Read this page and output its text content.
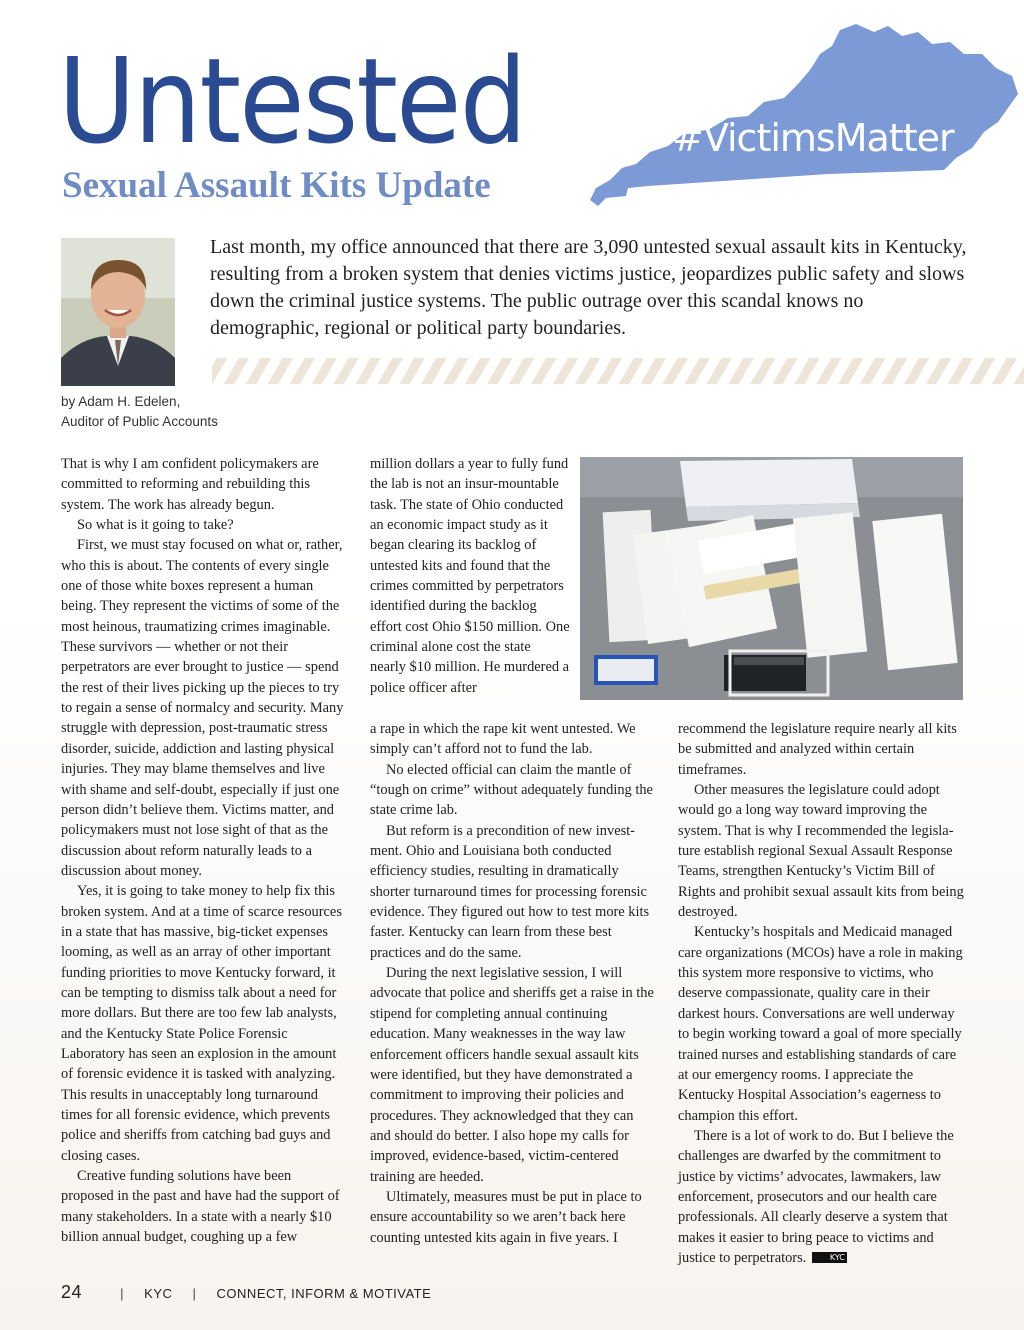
Untested
Sexual Assault Kits Update
#VictimsMatter
by Adam H. Edelen,
Auditor of Public Accounts

Last month, my office announced that there are 3,090 untested sexual assault kits in Kentucky, resulting from a broken system that denies victims justice, jeopardizes public safety and slows down the criminal justice systems. The public outrage over this scandal knows no demographic, regional or political party boundaries.

That is why I am confident policymakers are committed to reforming and rebuilding this system. The work has already begun.

So what is it going to take?

First, we must stay focused on what or, rather, who this is about. The contents of every single one of those white boxes represent a human being. They represent the victims of some of the most heinous, traumatizing crimes imaginable. These survivors — whether or not their perpetrators are ever brought to justice — spend the rest of their lives picking up the pieces to try to regain a sense of normalcy and security. Many struggle with depression, post-traumatic stress disorder, suicide, addiction and lasting physical injuries. They may blame themselves and live with shame and self-doubt, especially if just one person didn’t believe them. Victims matter, and policymakers must not lose sight of that as the discussion about reform naturally leads to a discussion about money.

Yes, it is going to take money to help fix this broken system. And at a time of scarce resources in a state that has massive, big-ticket expenses looming, as well as an array of other important funding priorities to move Kentucky forward, it can be tempting to dismiss talk about a need for more dollars. But there are too few lab analysts, and the Kentucky State Police Forensic Laboratory has seen an explosion in the amount of forensic evidence it is tasked with analyzing. This results in unacceptably long turnaround times for all forensic evidence, which prevents police and sheriffs from catching bad guys and closing cases.

Creative funding solutions have been proposed in the past and have had the support of many stakeholders. In a state with a nearly $10 billion annual budget, coughing up a few

million dollars a year to fully fund the lab is not an insur-mountable task. The state of Ohio conducted an economic impact study as it began clearing its backlog of untested kits and found that the crimes committed by perpetrators identified during the backlog effort cost Ohio $150 million. One criminal alone cost the state nearly $10 million. He murdered a police officer after

a rape in which the rape kit went untested. We simply can’t afford not to fund the lab.

No elected official can claim the mantle of “tough on crime” without adequately funding the state crime lab.

But reform is a precondition of new invest-ment. Ohio and Louisiana both conducted efficiency studies, resulting in dramatically shorter turnaround times for processing forensic evidence. They figured out how to test more kits faster. Kentucky can learn from these best practices and do the same.

During the next legislative session, I will advocate that police and sheriffs get a raise in the stipend for completing annual continuing education. Many weaknesses in the way law enforcement officers handle sexual assault kits were identified, but they have demonstrated a commitment to improving their policies and procedures. They acknowledged that they can and should do better. I also hope my calls for improved, evidence-based, victim-centered training are heeded.

Ultimately, measures must be put in place to ensure accountability so we aren’t back here counting untested kits again in five years. I

recommend the legislature require nearly all kits be submitted and analyzed within certain timeframes.

Other measures the legislature could adopt would go a long way toward improving the system. That is why I recommended the legisla-ture establish regional Sexual Assault Response Teams, strengthen Kentucky’s Victim Bill of Rights and prohibit sexual assault kits from being destroyed.

Kentucky’s hospitals and Medicaid managed care organizations (MCOs) have a role in making this system more responsive to victims, who deserve compassionate, quality care in their darkest hours. Conversations are well underway to begin working toward a goal of more specially trained nurses and establishing standards of care at our emergency rooms. I appreciate the Kentucky Hospital Association’s eagerness to champion this effort.

There is a lot of work to do. But I believe the challenges are dwarfed by the commitment to justice by victims’ advocates, lawmakers, law enforcement, prosecutors and our health care professionals. All clearly deserve a system that makes it easier to bring peace to victims and justice to perpetrators.	KYC

24	| KYC | CONNECT, INFORM & MOTIVATE
